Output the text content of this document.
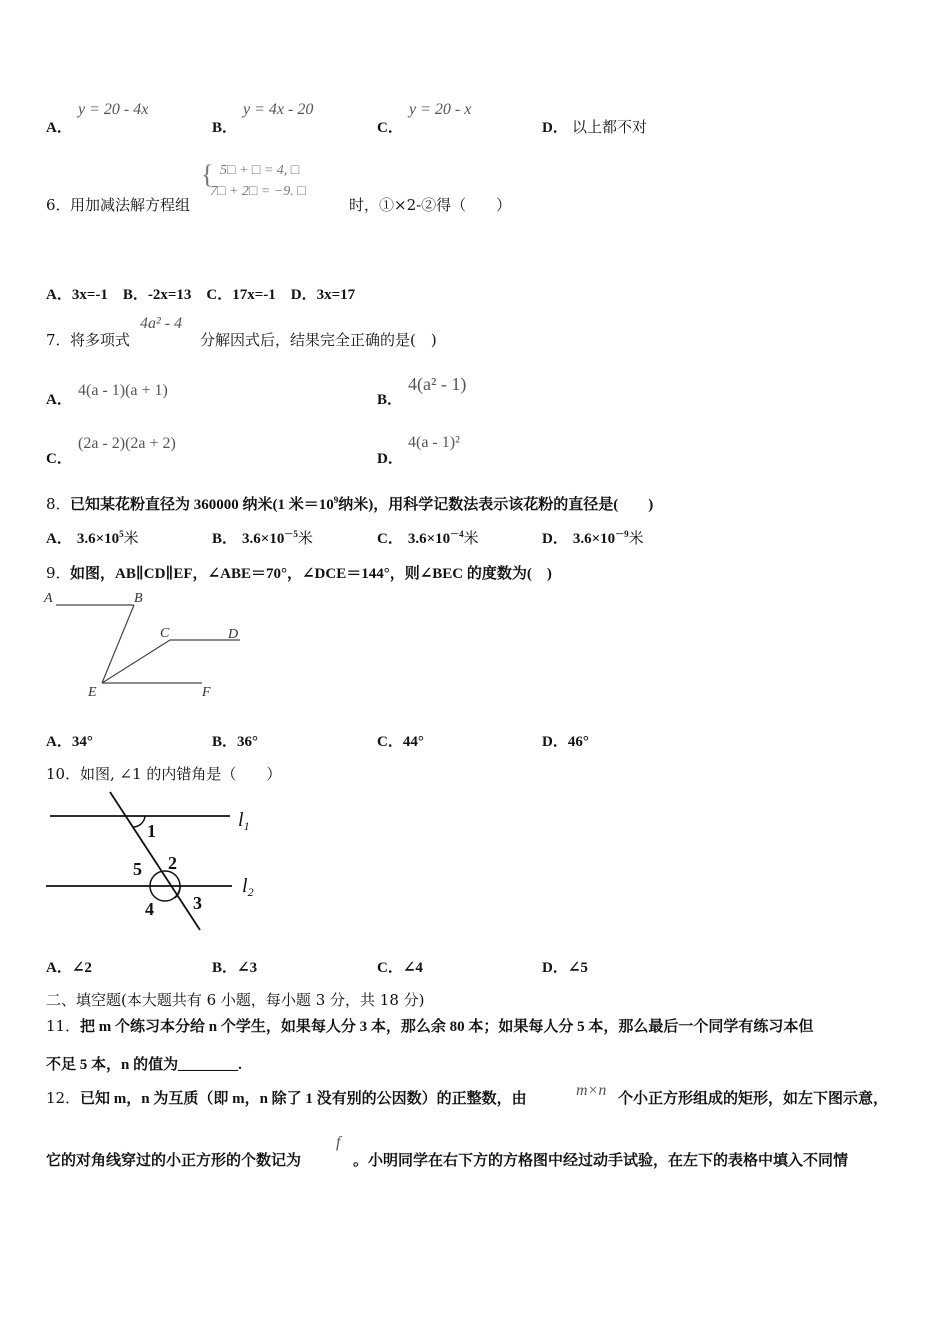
A．
y = 20 - 4x
B．
y = 4x - 20
C．
y = 20 - x
D． 以上都不对
6． 用加减法解方程组
{ 5□ + □ = 4, □
7□ + 2□ = −9. □
时，①×2-②得（　　）
A．3x=-1　B．-2x=13　C．17x=-1　D．3x=17
7． 将多项式
4a² - 4
分解因式后，结果完全正确的是(　)
A．
4(a - 1)(a + 1)
B．
4(a² - 1)
C．
(2a - 2)(2a + 2)
D．
4(a - 1)²
8． 已知某花粉直径为 360000 纳米(1 米$=10^9$纳米)，用科学记数法表示该花粉的直径是(　　)
A． $3.6\times 10^5$米	B． $3.6\times 10^{-5}$米	C． $3.6\times 10^{-4}$米	D． $3.6\times 10^{-9}$米
9． 如图，AB∥CD∥EF，∠ABE＝70°，∠DCE＝144°，则∠BEC 的度数为(　)
A	B
C	D
E	F
A．34°	B．36°	C．44°	D．46°
10． 如图, ∠1 的内错角是（　　）
1
2
5
3
4
$l_1$
$l_2$
A．∠2	B．∠3	C．∠4	D．∠5
二、填空题(本大题共有 6 小题，每小题 3 分，共 18 分)
11． 把 m 个练习本分给 n 个学生，如果每人分 3 本，那么余 80 本；如果每人分 5 本，那么最后一个同学有练习本但
不足 5 本，n 的值为________.
12． 已知 m，n 为互质（即 m，n 除了 1 没有别的公因数）的正整数，由	m×n 个小正方形组成的矩形，如左下图示意，
它的对角线穿过的小正方形的个数记为
f
。小明同学在右下方的方格图中经过动手试验，在左下的表格中填入不同情
